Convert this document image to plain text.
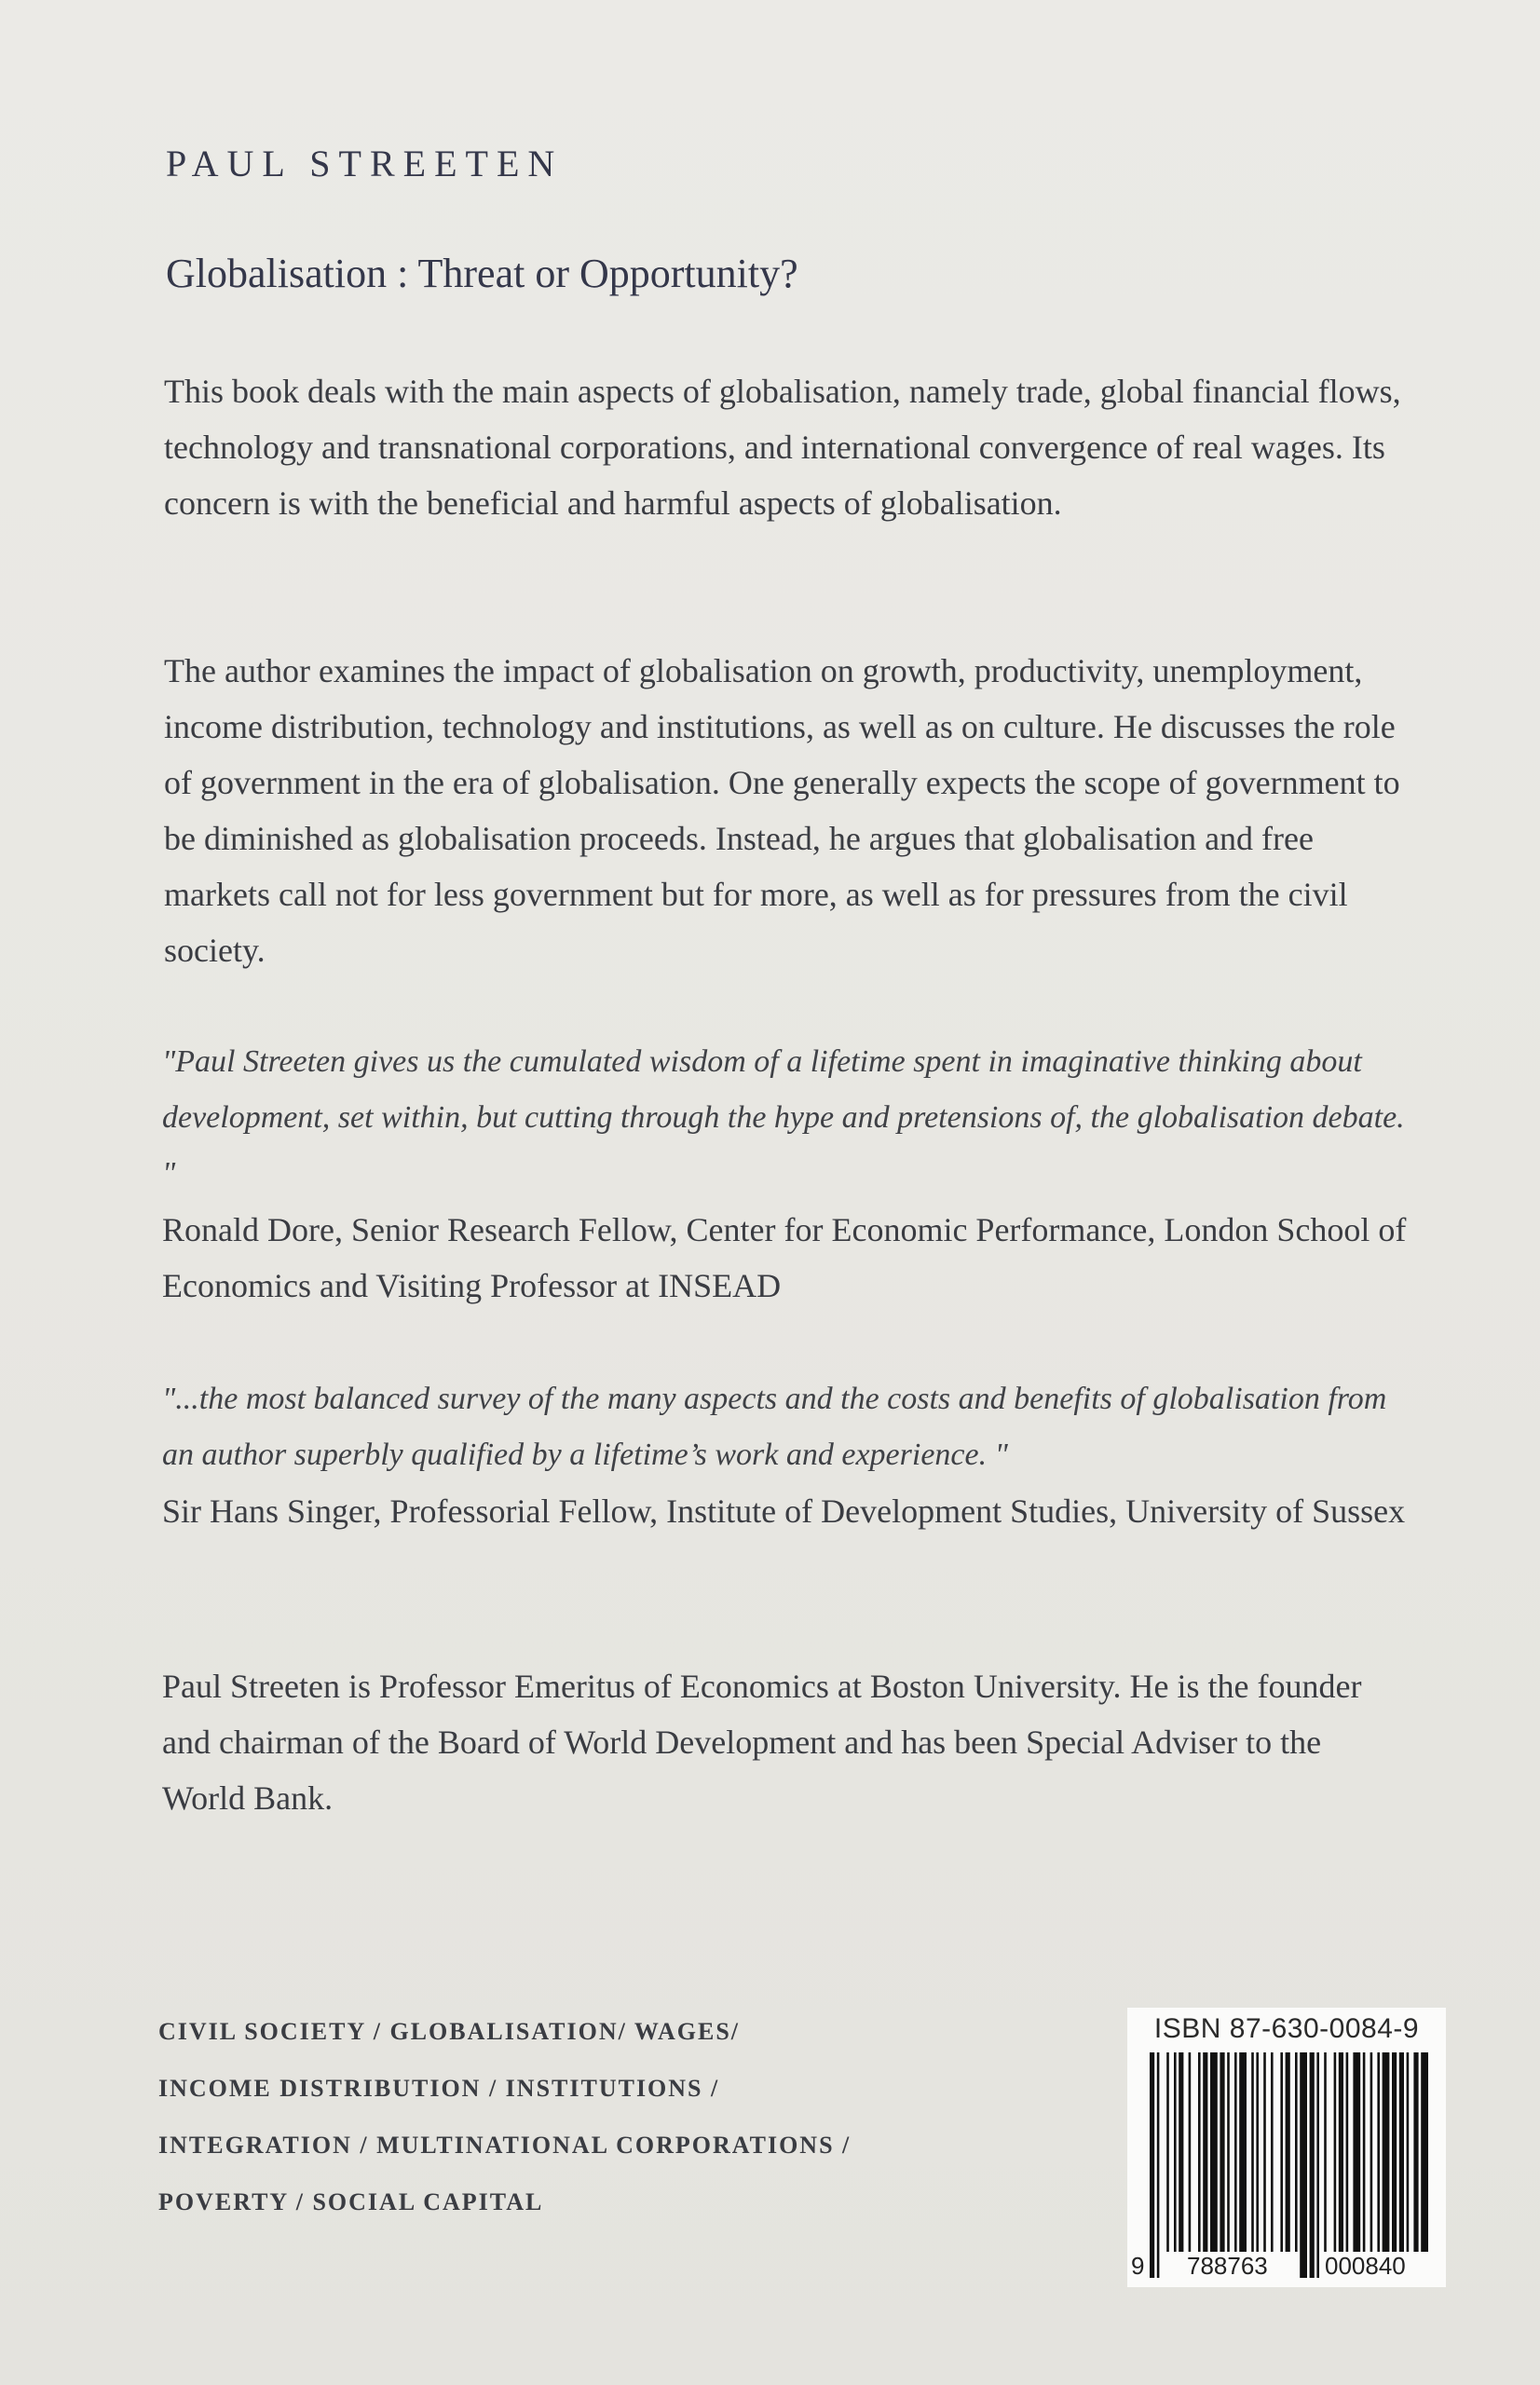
PAUL STREETEN
Globalisation : Threat or Opportunity?

This book deals with the main aspects of globalisation, namely trade, global financial flows, technology and transnational corporations, and international convergence of real wages. Its concern is with the beneficial and harmful aspects of globalisation.

The author examines the impact of globalisation on growth, productivity, unemployment, income distribution, technology and institutions, as well as on culture. He discusses the role of government in the era of globalisation. One generally expects the scope of government to be diminished as globalisation proceeds. Instead, he argues that globalisation and free markets call not for less government but for more, as well as for pressures from the civil society.

"Paul Streeten gives us the cumulated wisdom of a lifetime spent in imaginative thinking about development, set within, but cutting through the hype and pretensions of, the globalisation debate. "
Ronald Dore, Senior Research Fellow, Center for Economic Performance, London School of Economics and Visiting Professor at INSEAD
"...the most balanced survey of the many aspects and the costs and benefits of globalisation from an author superbly qualified by a lifetime’s work and experience. "
Sir Hans Singer, Professorial Fellow, Institute of Development Studies, University of Sussex

Paul Streeten is Professor Emeritus of Economics at Boston University. He is the founder and chairman of the Board of World Development and has been Special Adviser to the World Bank.

CIVIL SOCIETY / GLOBALISATION/ WAGES/
INCOME DISTRIBUTION / INSTITUTIONS /
INTEGRATION / MULTINATIONAL CORPORATIONS /
POVERTY / SOCIAL CAPITAL
ISBN 87-630-0084-9
9 788763 000840
